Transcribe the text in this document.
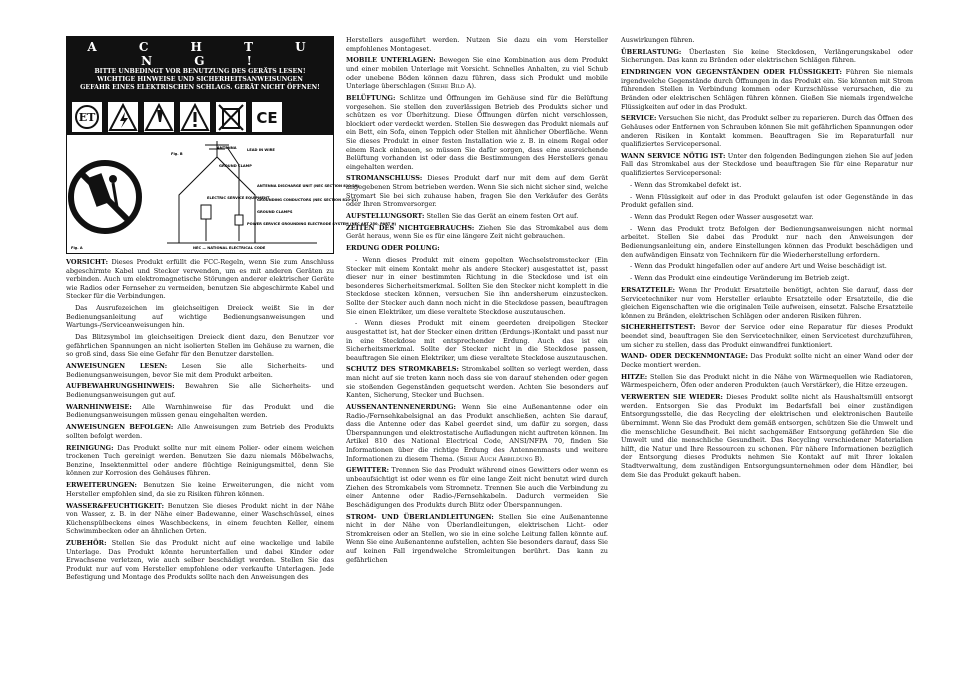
A C H T U N G !
BITTE UNBEDINGT VOR BENUTZUNG DES GERÄTS LESEN!
WICHTIGE HINWEISE UND SICHERHEITSANWEISUNGEN
GEFAHR EINES ELEKTRISCHEN SCHLAGS. GERÄT NICHT ÖFFNEN!
ET	CE
Fig. B
ANTENNA	LEAD IN WIRE
GROUND CLAMP
ELECTRIC SERVICE EQUIPMENT
ANTENNA DISCHARGE UNIT (NEC SECTION 810-20)
GROUNDING CONDUCTORS (NEC SECTION 810-21)
GROUND CLAMPS
POWER SERVICE GROUNDING ELECTRODE SYSTEM (NEC ART 250, PART H)
NEC — NATIONAL ELECTRICAL CODE
Fig. A
VORSICHT: Dieses Produkt erfüllt die FCC-Regeln, wenn Sie zum Anschluss abgeschirmte Kabel und Stecker verwenden, um es mit anderen Geräten zu verbinden. Auch um elektromagnetische Störungen anderer elektrischer Geräte wie Radios oder Fernseher zu vermeiden, benutzen Sie abgeschirmte Kabel und Stecker für die Verbindungen.
Das Ausrufezeichen im gleichseitigen Dreieck weißt Sie in der Bedienungsanleitung auf wichtige Bedienungsanweisungen und Wartungs-/Serviceanweisungen hin.
Das Blitzsymbol im gleichseitigen Dreieck dient dazu, den Benutzer vor gefährlichen Spannungen an nicht isolierten Stellen im Gehäuse zu warnen, die so groß sind, dass Sie eine Gefahr für den Benutzer darstellen.
ANWEISUNGEN LESEN: Lesen Sie alle Sicherheits- und Bedienungsanweisungen, bevor Sie mit dem Produkt arbeiten.
AUFBEWAHRUNGSHINWEIS: Bewahren Sie alle Sicherheits- und Bedienungsanweisungen gut auf.
WARNHINWEISE: Alle Warnhinweise für das Produkt und die Bedienungsanweisungen müssen genau eingehalten werden.
ANWEISUNGEN BEFOLGEN: Alle Anweisungen zum Betrieb des Produkts sollten befolgt werden.
REINIGUNG: Das Produkt sollte nur mit einem Polier- oder einem weichen trockenen Tuch gereinigt werden. Benutzen Sie dazu niemals Möbelwachs, Benzine, Insektenmittel oder andere flüchtige Reinigungsmittel, denn Sie können zur Korrosion des Gehäuses führen.
ERWEITERUNGEN: Benutzen Sie keine Erweiterungen, die nicht vom Hersteller empfohlen sind, da sie zu Risiken führen können.
WASSER&FEUCHTIGKEIT: Benutzen Sie dieses Produkt nicht in der Nähe von Wasser, z. B. in der Nähe einer Badewanne, einer Waschschüssel, eines Küchenspülbeckens eines Waschbeckens, in einem feuchten Keller, einem Schwimmbecken oder an ähnlichen Orten.
ZUBEHÖR: Stellen Sie das Produkt nicht auf eine wackelige und labile Unterlage. Das Produkt könnte herunterfallen und dabei Kinder oder Erwachsene verletzen, wie auch selber beschädigt werden. Stellen Sie das Produkt nur auf vom Hersteller empfohlene oder verkaufte Unterlagen. Jede Befestigung und Montage des Produkts sollte nach den Anweisungen des
Herstellers ausgeführt werden. Nutzen Sie dazu ein vom Hersteller empfohlenes Montageset.
MOBILE UNTERLAGEN: Bewegen Sie eine Kombination aus dem Produkt und einer mobilen Unterlage mit Vorsicht. Schnelles Anhalten, zu viel Schub oder unebene Böden können dazu führen, dass sich Produkt und mobile Unterlage überschlagen (Siehe Bild A).
BELÜFTUNG: Schlitze und Öffnungen im Gehäuse sind für die Belüftung vorgesehen. Sie stellen den zuverlässigen Betrieb des Produkts sicher und schützen es vor Überhitzung. Diese Öffnungen dürfen nicht verschlossen, blockiert oder verdeckt werden. Stellen Sie deswegen das Produkt niemals auf ein Bett, ein Sofa, einen Teppich oder Stellen mit ähnlicher Oberfläche. Wenn Sie dieses Produkt in einer festen Installation wie z. B. in einem Regal oder einem Rack einbauen, so müssen Sie dafür sorgen, dass eine ausreichende Belüftung vorhanden ist oder dass die Bestimmungen des Herstellers genau eingehalten werden.
STROMANSCHLUSS: Dieses Produkt darf nur mit dem auf dem Gerät angegebenen Strom betrieben werden. Wenn Sie sich nicht sicher sind, welche Stromart Sie bei sich zuhause haben, fragen Sie den Verkäufer des Geräts oder Ihren Stromversorger.
AUFSTELLUNGSORT: Stellen Sie das Gerät an einem festen Ort auf.
ZEITEN DES NICHTGEBRAUCHS: Ziehen Sie das Stromkabel aus dem Gerät heraus, wenn Sie es für eine längere Zeit nicht gebrauchen.
ERDUNG ODER POLUNG:
- Wenn dieses Produkt mit einem gepolten Wechselstromstecker (Ein Stecker mit einem Kontakt mehr als andere Stecker) ausgestattet ist, passt dieser nur in einer bestimmten Richtung in die Steckdose und ist ein besonderes Sicherheitsmerkmal. Sollten Sie den Stecker nicht komplett in die Steckdose stecken können, versuchen Sie ihn andersherum einzustecken. Sollte der Stecker auch dann noch nicht in die Steckdose passen, beauftragen Sie einen Elektriker, um diese veraltete Steckdose auszutauschen.
- Wenn dieses Produkt mit einem geerdeten dreipoligen Stecker ausgestattet ist, hat der Stecker einen dritten (Erdungs-)Kontakt und passt nur in eine Steckdose mit entsprechender Erdung. Auch das ist ein Sicherheitsmerkmal. Sollte der Stecker nicht in die Steckdose passen, beauftragen Sie einen Elektriker, um diese veraltete Steckdose auszutauschen.
SCHUTZ DES STROMKABELS: Stromkabel sollten so verlegt werden, dass man nicht auf sie treten kann noch dass sie von darauf stehenden oder gegen sie stoßenden Gegenständen gequetscht werden. Achten Sie besonders auf Kanten, Sicherung, Stecker und Buchsen.
AUSSENANTENNENERDUNG: Wenn Sie eine Außenantenne oder ein Radio-/Fernsehkabelsignal an das Produkt anschließen, achten Sie darauf, dass die Antenne oder das Kabel geerdet sind, um dafür zu sorgen, dass Überspannungen und elektrostatische Aufladungen nicht auftreten können. Im Artikel 810 des National Electrical Code, ANSI/NFPA 70, finden Sie Informationen über die richtige Erdung des Antennenmasts und weitere Informationen zu diesem Thema. (Siehe Auch Abbildung B).
GEWITTER: Trennen Sie das Produkt während eines Gewitters oder wenn es unbeaufsichtigt ist oder wenn es für eine lange Zeit nicht benutzt wird durch Ziehen des Stromkabels vom Stromnetz. Trennen Sie auch die Verbindung zu einer Antenne oder Radio-/Fernsehkabeln. Dadurch vermeiden Sie Beschädigungen des Produkts durch Blitz oder Überspannungen.
STROM- UND ÜBERLANDLEITUNGEN: Stellen Sie eine Außenantenne nicht in der Nähe von Überlandleitungen, elektrischen Licht- oder Stromkreisen oder an Stellen, wo sie in eine solche Leitung fallen könnte auf. Wenn Sie eine Außenantenne aufstellen, achten Sie besonders darauf, dass Sie auf keinen Fall irgendwelche Stromleitungen berührt. Das kann zu gefährlichen
Auswirkungen führen.
ÜBERLASTUNG: Überlasten Sie keine Steckdosen, Verlängerungskabel oder Sicherungen. Das kann zu Bränden oder elektrischen Schlägen führen.
EINDRINGEN VON GEGENSTÄNDEN ODER FLÜSSIGKEIT: Führen Sie niemals irgendwelche Gegenstände durch Öffnungen in das Produkt ein. Sie könnten mit Strom führenden Stellen in Verbindung kommen oder Kurzschlüsse verursachen, die zu Bränden oder elektrischen Schlägen führen können. Gießen Sie niemals irgendwelche Flüssigkeiten auf oder in das Produkt.
SERVICE: Versuchen Sie nicht, das Produkt selber zu reparieren. Durch das Öffnen des Gehäuses oder Entfernen von Schrauben können Sie mit gefährlichen Spannungen oder anderen Risiken in Kontakt kommen. Beauftragen Sie im Reparaturfall nur qualifiziertes Servicepersonal.
WANN SERVICE NÖTIG IST: Unter den folgenden Bedingungen ziehen Sie auf jeden Fall das Stromkabel aus der Steckdose und beauftragen Sie für eine Reparatur nur qualifiziertes Servicepersonal:
- Wenn das Stromkabel defekt ist.
- Wenn Flüssigkeit auf oder in das Produkt gelaufen ist oder Gegenstände in das Produkt gefallen sind.
- Wenn das Produkt Regen oder Wasser ausgesetzt war.
- Wenn das Produkt trotz Befolgen der Bedienungsanweisungen nicht normal arbeitet. Stellen Sie dabei das Produkt nur nach den Anweisungen der Bedienungsanleitung ein, andere Einstellungen können das Produkt beschädigen und den aufwändigen Einsatz von Technikern für die Wiederherstellung erfordern.
- Wenn das Produkt hingefallen oder auf andere Art und Weise beschädigt ist.
- Wenn das Produkt eine eindeutige Veränderung im Betrieb zeigt.
ERSATZTEILE: Wenn Ihr Produkt Ersatzteile benötigt, achten Sie darauf, dass der Servicetechniker nur vom Hersteller erlaubte Ersatzteile oder Ersatzteile, die die gleichen Eigenschaften wie die originalen Teile aufweisen, einsetzt. Falsche Ersatzteile können zu Bränden, elektrischen Schlägen oder anderen Risiken führen.
SICHERHEITSTEST: Bevor der Service oder eine Reparatur für dieses Produkt beendet sind, beauftragen Sie den Servicetechniker, einen Servicetest durchzuführen, um sicher zu stellen, dass das Produkt einwandfrei funktioniert.
WAND- ODER DECKENMONTAGE: Das Produkt sollte nicht an einer Wand oder der Decke montiert werden.
HITZE: Stellen Sie das Produkt nicht in die Nähe von Wärmequellen wie Radiatoren, Wärmespeichern, Öfen oder anderen Produkten (auch Verstärker), die Hitze erzeugen.
VERWERTEN SIE WIEDER: Dieses Produkt sollte nicht als Haushaltsmüll entsorgt werden. Entsorgen Sie das Produkt im Bedarfsfall bei einer zuständigen Entsorgungsstelle, die das Recycling der elektrischen und elektronischen Bauteile übernimmt. Wenn Sie das Produkt dem gemäß entsorgen, schützen Sie die Umwelt und die menschliche Gesundheit. Bei nicht sachgemäßer Entsorgung gefährden Sie die Umwelt und die menschliche Gesundheit. Das Recycling verschiedener Materialien hilft, die Natur und Ihre Ressourcen zu schonen. Für nähere Informationen bezüglich der Entsorgung dieses Produkts nehmen Sie Kontakt auf mit Ihrer lokalen Stadtverwaltung, dem zuständigen Entsorgungsunternehmen oder dem Händler, bei dem Sie das Produkt gekauft haben.
